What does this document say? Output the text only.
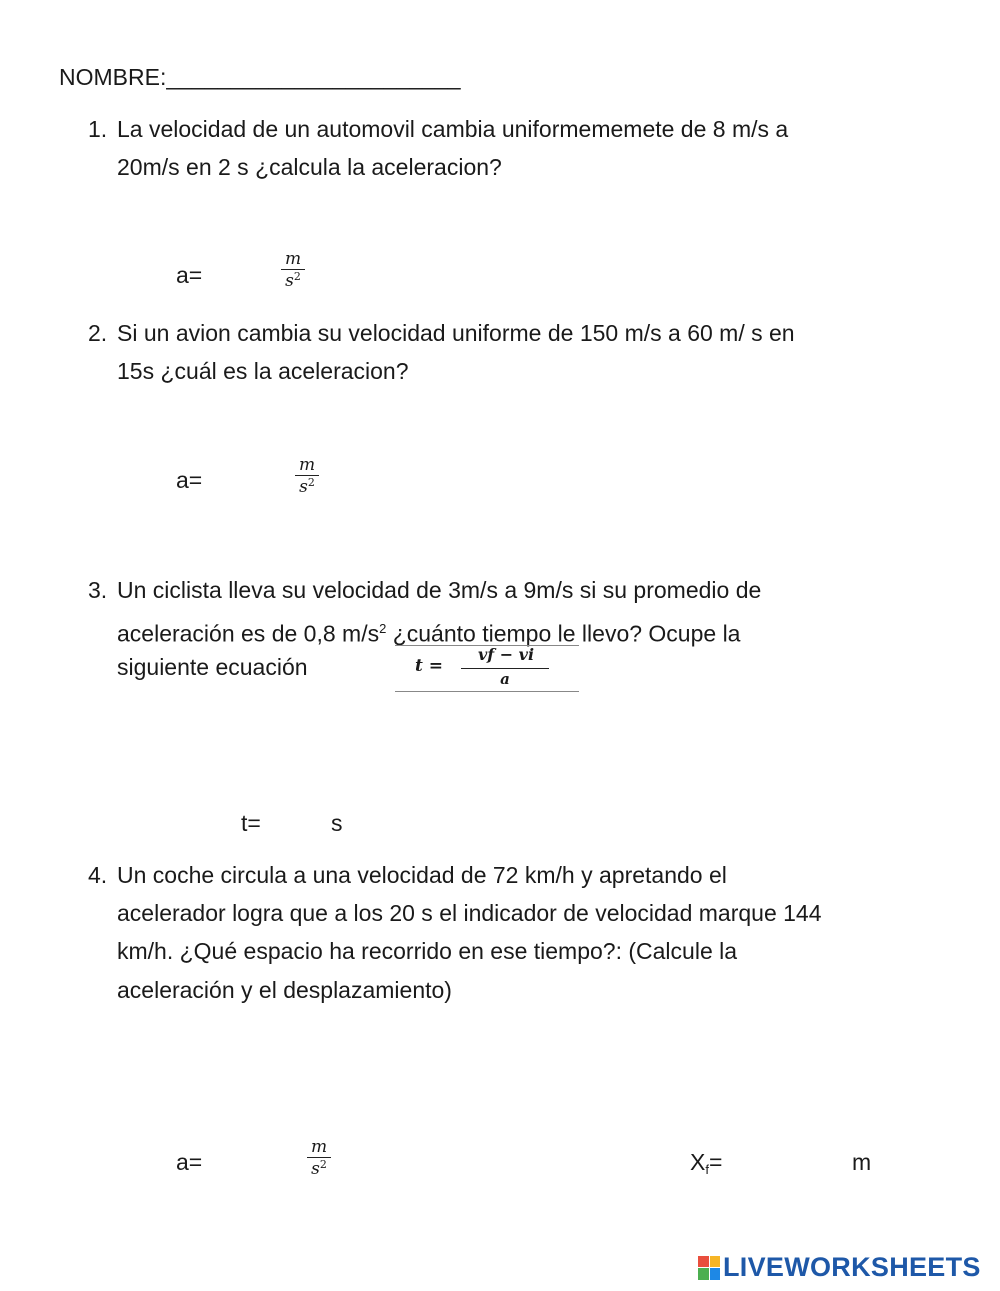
NOMBRE:_______________________
1. La velocidad de un automovil cambia uniformememete de 8 m/s a
20m/s en 2 s ¿calcula la aceleracion?
a=
m
$s^2$
2. Si un avion cambia su velocidad uniforme de 150 m/s a 60 m/ s en
15s ¿cuál es la aceleracion?
a=
m
$s^2$
3. Un ciclista lleva su velocidad de 3m/s a 9m/s si su promedio de
aceleración es de 0,8 $m/s^2$ ¿cuánto tiempo le llevo? Ocupe la
siguiente ecuación	t =
vf − vi
a
t=	s
4. Un coche circula a una velocidad de 72 km/h y apretando el
acelerador logra que a los 20 s el indicador de velocidad marque 144
km/h. ¿Qué espacio ha recorrido en ese tiempo?: (Calcule la
aceleración y el desplazamiento)
a=
m
$s^2$	$X_f=$	m
LIVEWORKSHEETS
